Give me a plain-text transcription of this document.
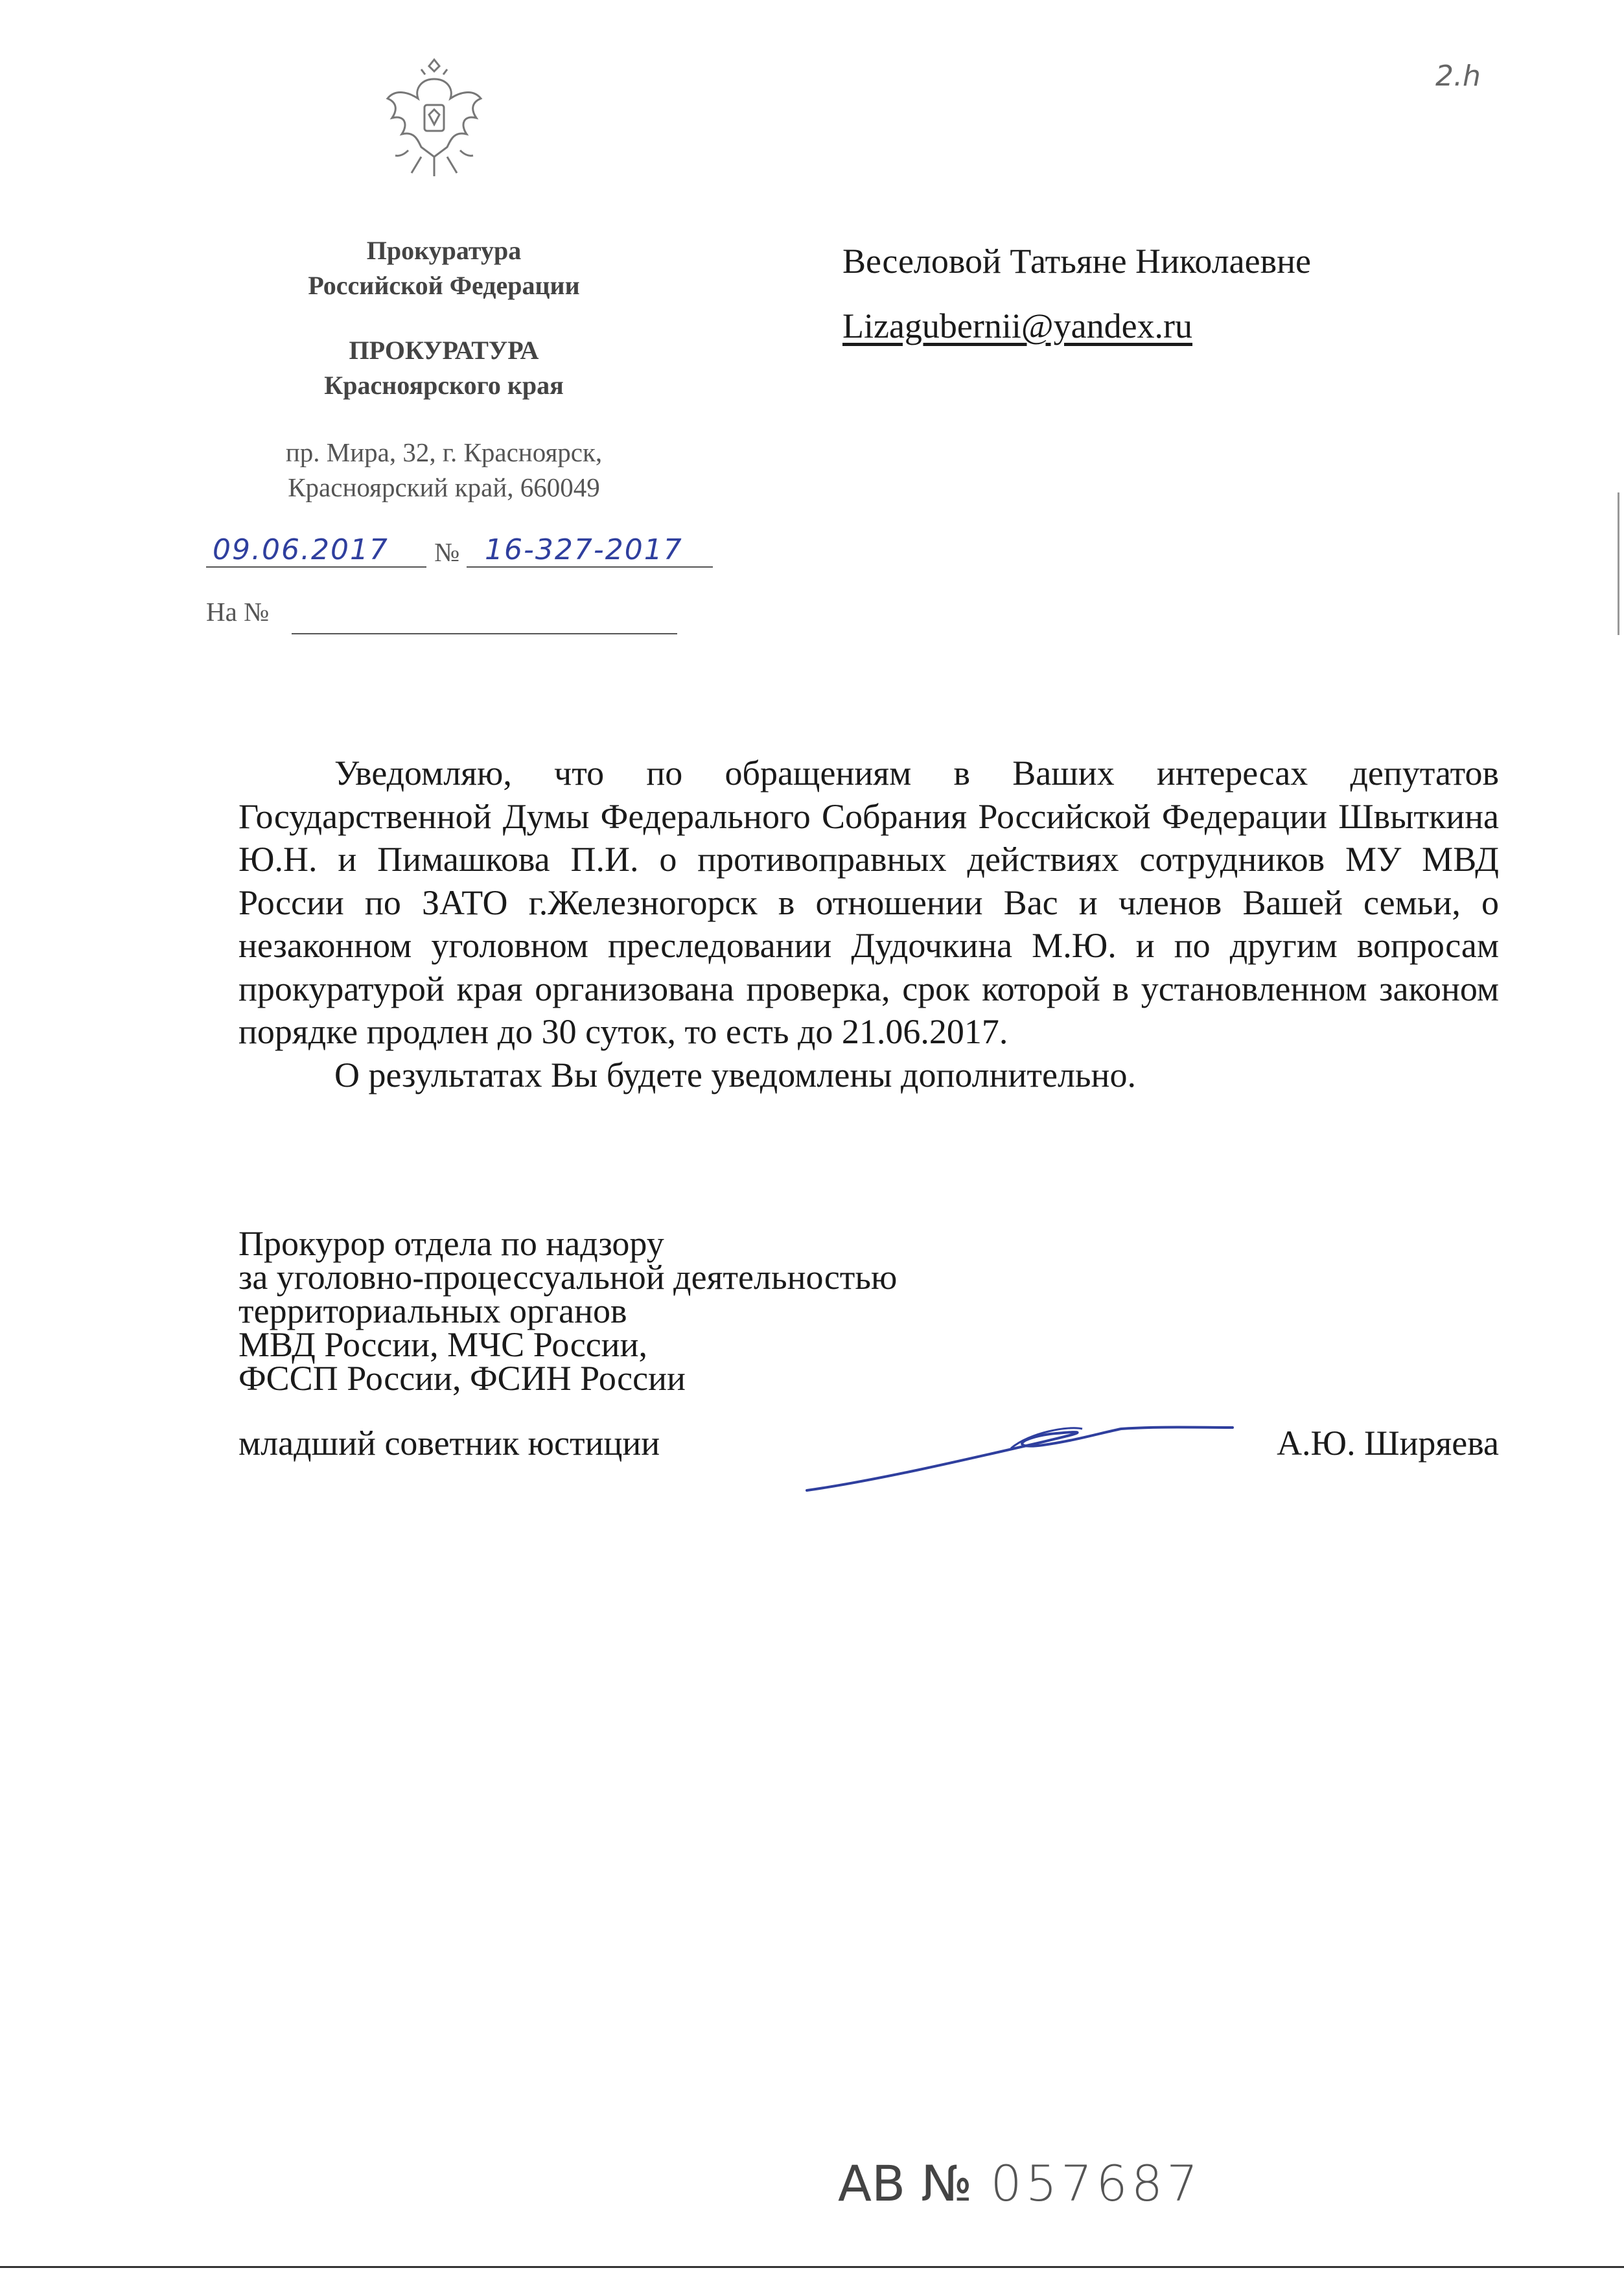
Прокуратура
Российской Федерации
ПРОКУРАТУРА
Красноярского края
пр. Мира, 32, г. Красноярск,
Красноярский край, 660049
09.06.2017 № 16-327-2017
На №
Веселовой Татьяне Николаевне
Lizagubernii@yandex.ru
2.h

Уведомляю, что по обращениям в Ваших интересах депутатов Государственной Думы Федерального Собрания Российской Федерации Швыткина Ю.Н. и Пимашкова П.И. о противоправных действиях сотрудников МУ МВД России по ЗАТО г.Железногорск в отношении Вас и членов Вашей семьи, о незаконном уголовном преследовании Дудочкина М.Ю. и по другим вопросам прокуратурой края организована проверка, срок которой в установленном законом порядке продлен до 30 суток, то есть до 21.06.2017.

О результатах Вы будете уведомлены дополнительно.

Прокурор отдела по надзору
за уголовно-процессуальной деятельностью
территориальных органов
МВД России, МЧС России,
ФССП России, ФСИН России
младший советник юстиции	А.Ю. Ширяева
АВ № 057687
